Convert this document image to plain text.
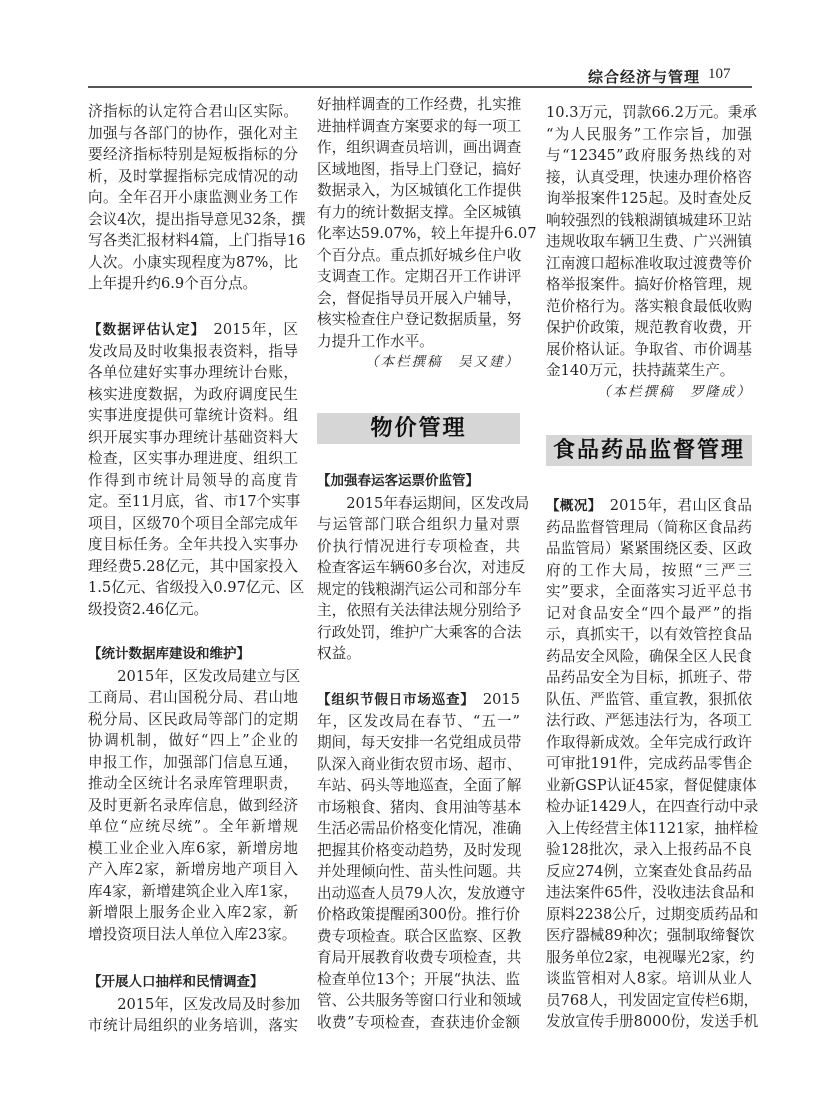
综合经济与管理 107
济指标的认定符合君山区实际。
加强与各部门的协作，强化对主
要经济指标特别是短板指标的分
析，及时掌握指标完成情况的动
向。全年召开小康监测业务工作
会议4次，提出指导意见32条，撰
写各类汇报材料4篇，上门指导16
人次。小康实现程度为87%，比
上年提升约6.9个百分点。
【数据评估认定】 2015年，区
发改局及时收集报表资料，指导
各单位建好实事办理统计台账，
核实进度数据，为政府调度民生
实事进度提供可靠统计资料。组
织开展实事办理统计基础资料大
检查，区实事办理进度、组织工
作得到市统计局领导的高度肯
定。至11月底，省、市17个实事
项目，区级70个项目全部完成年
度目标任务。全年共投入实事办
理经费5.28亿元，其中国家投入
1.5亿元、省级投入0.97亿元、区
级投资2.46亿元。
【统计数据库建设和维护】
2015年，区发改局建立与区
工商局、君山国税分局、君山地
税分局、区民政局等部门的定期
协调机制，做好“四上”企业的
申报工作，加强部门信息互通，
推动全区统计名录库管理职责，
及时更新名录库信息，做到经济
单位“应统尽统”。全年新增规
模工业企业入库6家，新增房地
产入库2家，新增房地产项目入
库4家，新增建筑企业入库1家，
新增限上服务企业入库2家，新
增投资项目法人单位入库23家。
【开展人口抽样和民情调查】
2015年，区发改局及时参加
市统计局组织的业务培训，落实
好抽样调查的工作经费，扎实推
进抽样调查方案要求的每一项工
作，组织调查员培训，画出调查
区域地图，指导上门登记，搞好
数据录入，为区城镇化工作提供
有力的统计数据支撑。全区城镇
化率达59.07%，较上年提升6.07
个百分点。重点抓好城乡住户收
支调查工作。定期召开工作讲评
会，督促指导员开展入户辅导，
核实检查住户登记数据质量，努
力提升工作水平。
（本栏撰稿　吴又建）
物价管理
【加强春运客运票价监管】
2015年春运期间，区发改局
与运管部门联合组织力量对票
价执行情况进行专项检查，共
检查客运车辆60多台次，对违反
规定的钱粮湖汽运公司和部分车
主，依照有关法律法规分别给予
行政处罚，维护广大乘客的合法
权益。
【组织节假日市场巡查】 2015
年，区发改局在春节、“五一”
期间，每天安排一名党组成员带
队深入商业街农贸市场、超市、
车站、码头等地巡查，全面了解
市场粮食、猪肉、食用油等基本
生活必需品价格变化情况，准确
把握其价格变动趋势，及时发现
并处理倾向性、苗头性问题。共
出动巡查人员79人次，发放遵守
价格政策提醒函300份。推行价
费专项检查。联合区监察、区教
育局开展教育收费专项检查，共
检查单位13个；开展“执法、监
管、公共服务等窗口行业和领域
收费”专项检查，查获违价金额
10.3万元，罚款66.2万元。秉承
“为人民服务”工作宗旨，加强
与“12345”政府服务热线的对
接，认真受理，快速办理价格咨
询举报案件125起。及时查处反
响较强烈的钱粮湖镇城建环卫站
违规收取车辆卫生费、广兴洲镇
江南渡口超标准收取过渡费等价
格举报案件。搞好价格管理，规
范价格行为。落实粮食最低收购
保护价政策，规范教育收费，开
展价格认证。争取省、市价调基
金140万元，扶持蔬菜生产。
（本栏撰稿　罗隆成）
食品药品监督管理
【概况】 2015年，君山区食品
药品监督管理局（简称区食品药
品监管局）紧紧围绕区委、区政
府的工作大局，按照“三严三
实”要求，全面落实习近平总书
记对食品安全“四个最严”的指
示，真抓实干，以有效管控食品
药品安全风险，确保全区人民食
品药品安全为目标，抓班子、带
队伍、严监管、重宣教，狠抓依
法行政、严惩违法行为，各项工
作取得新成效。全年完成行政许
可审批191件，完成药品零售企
业新GSP认证45家，督促健康体
检办证1429人，在四查行动中录
入上传经营主体1121家，抽样检
验128批次，录入上报药品不良
反应274例，立案查处食品药品
违法案件65件，没收违法食品和
原料2238公斤，过期变质药品和
医疗器械89种次；强制取缔餐饮
服务单位2家，电视曝光2家，约
谈监管相对人8家。培训从业人
员768人，刊发固定宣传栏6期，
发放宣传手册8000份，发送手机
